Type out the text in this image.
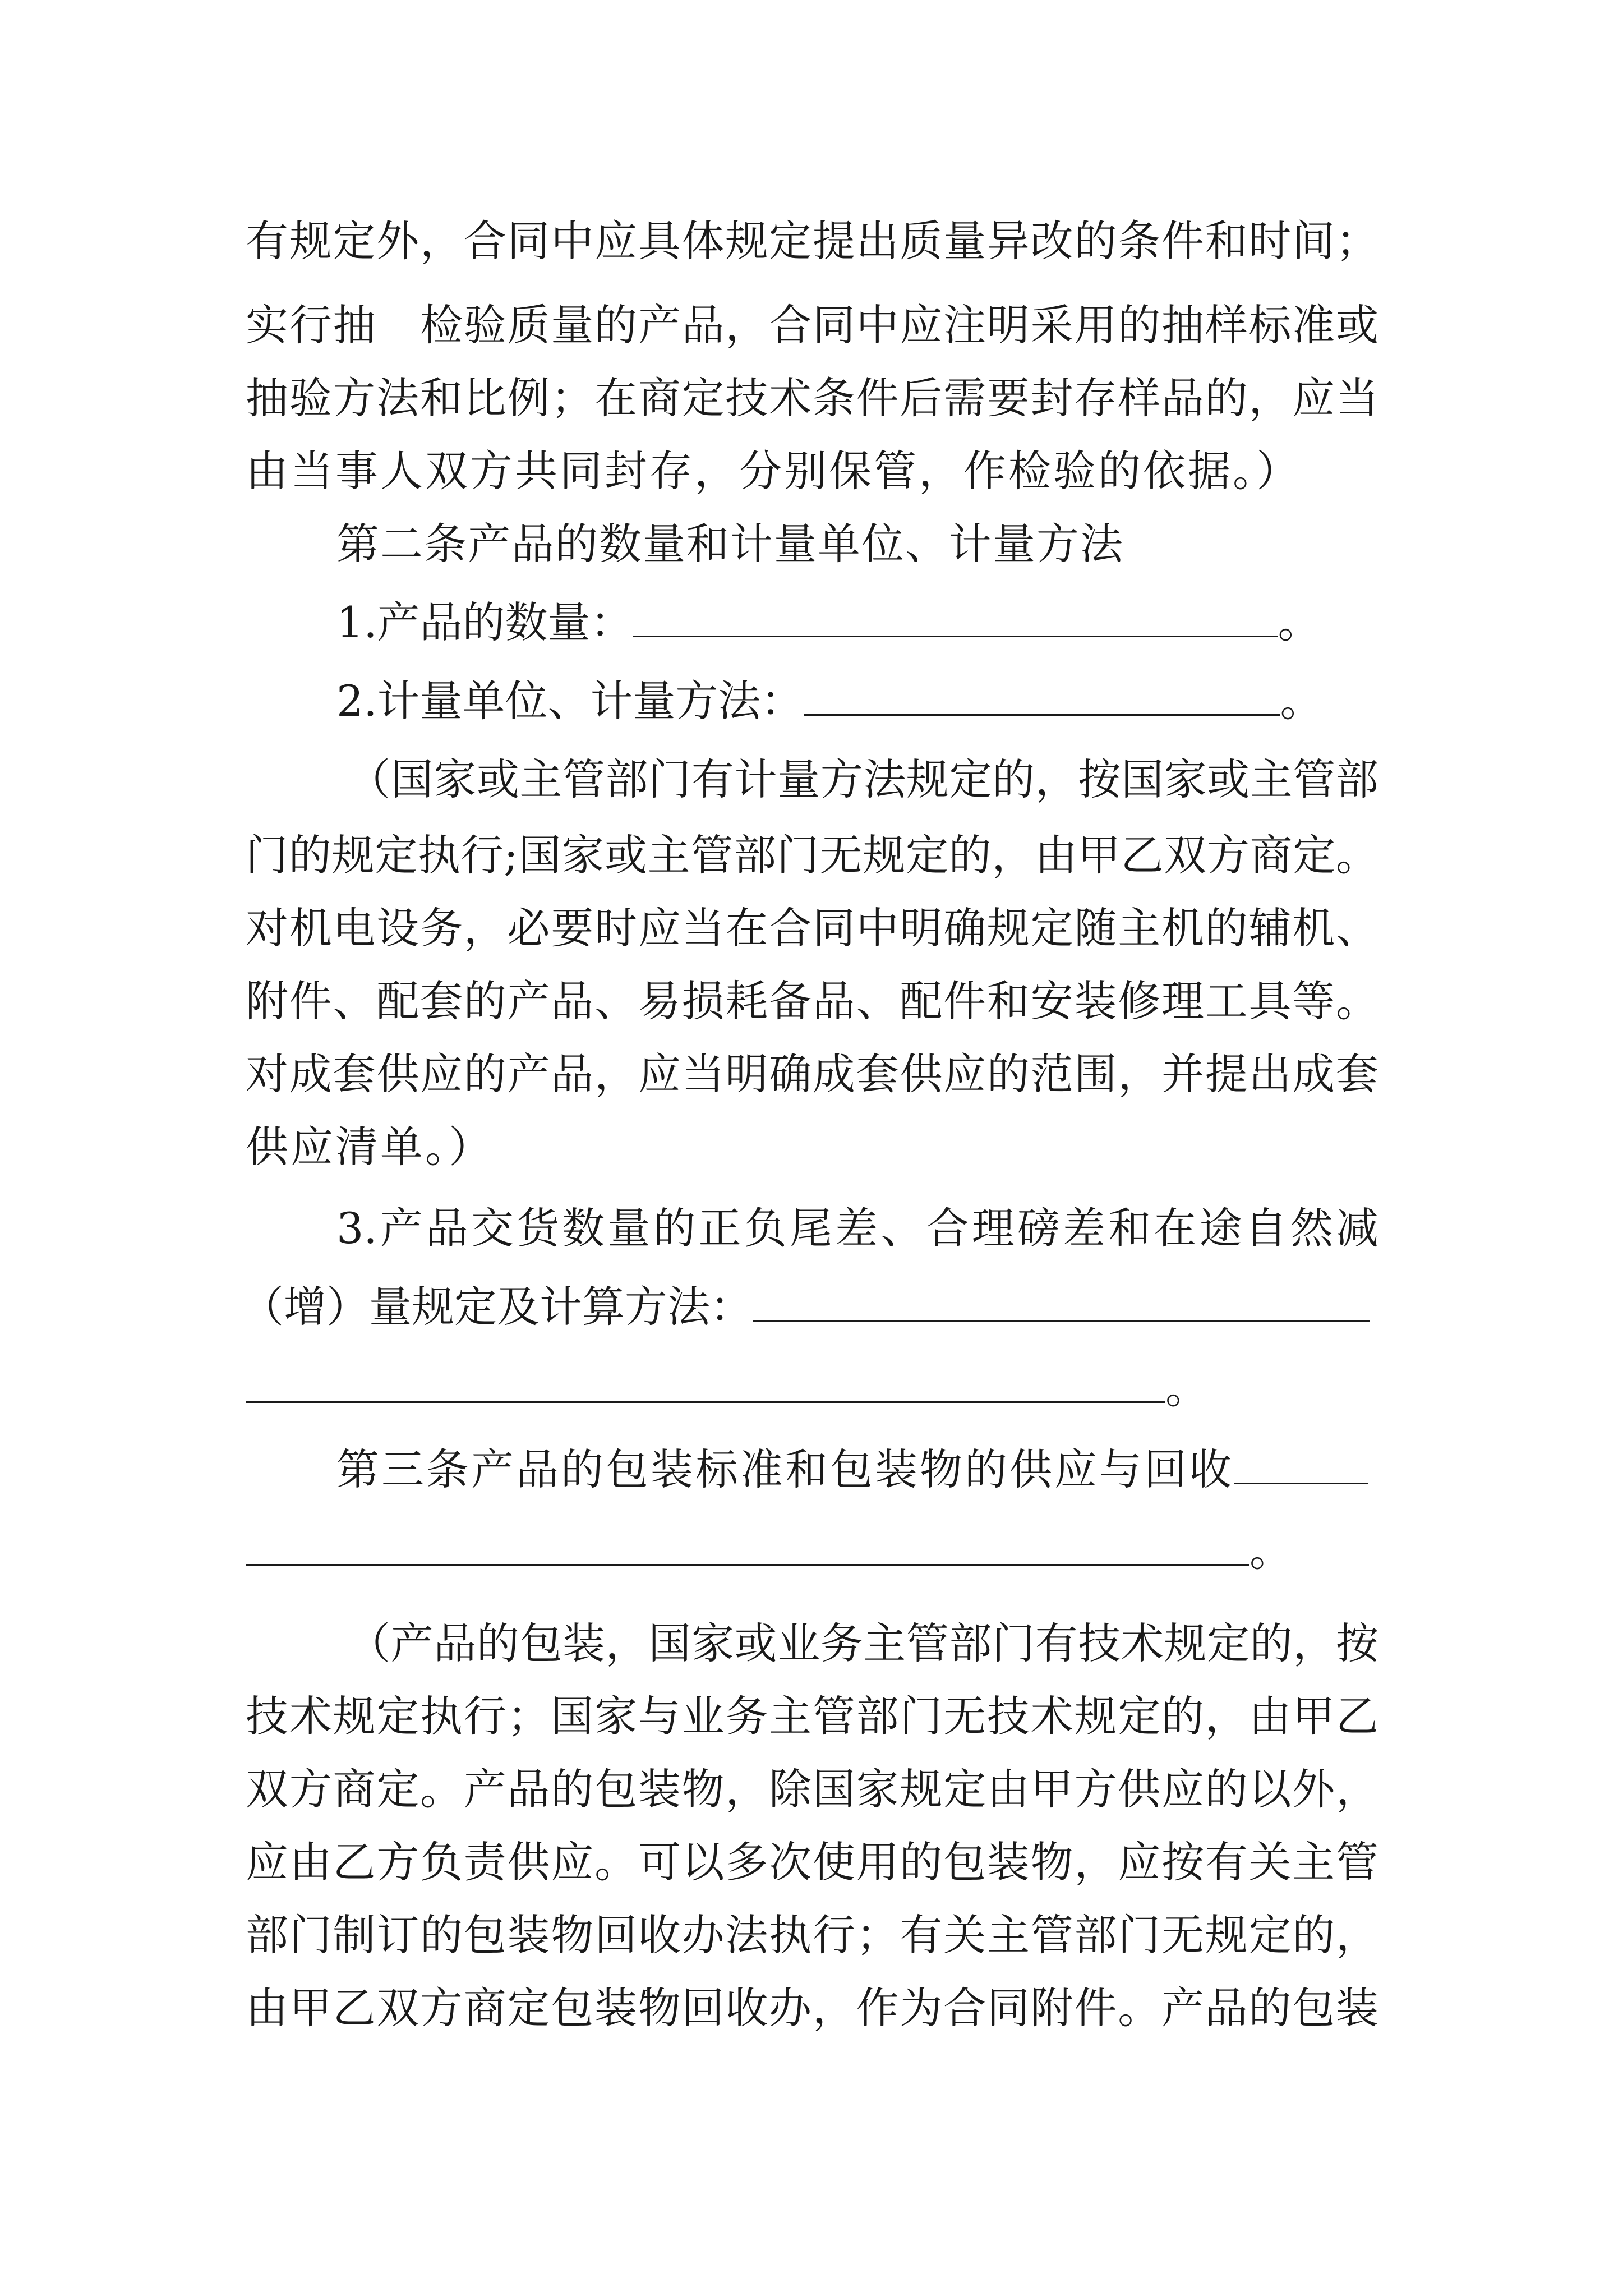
有规定外，合同中应具体规定提出质量异改的条件和时间；
实行抽　检验质量的产品，合同中应注明采用的抽样标准或
抽验方法和比例；在商定技术条件后需要封存样品的，应当
由当事人双方共同封存，分别保管，作检验的依据。）
第二条产品的数量和计量单位、计量方法
1.产品的数量：	。
2.计量单位、计量方法：	。
（国家或主管部门有计量方法规定的，按国家或主管部
门的规定执行;国家或主管部门无规定的，由甲乙双方商定。
对机电设务，必要时应当在合同中明确规定随主机的辅机、
附件、配套的产品、易损耗备品、配件和安装修理工具等。
对成套供应的产品，应当明确成套供应的范围，并提出成套
供应清单。）
3.产品交货数量的正负尾差、合理磅差和在途自然减
（增）量规定及计算方法：
。
第三条产品的包装标准和包装物的供应与回收
。
（产品的包装，国家或业务主管部门有技术规定的，按
技术规定执行；国家与业务主管部门无技术规定的，由甲乙
双方商定。产品的包装物，除国家规定由甲方供应的以外，
应由乙方负责供应。可以多次使用的包装物，应按有关主管
部门制订的包装物回收办法执行；有关主管部门无规定的，
由甲乙双方商定包装物回收办，作为合同附件。产品的包装
